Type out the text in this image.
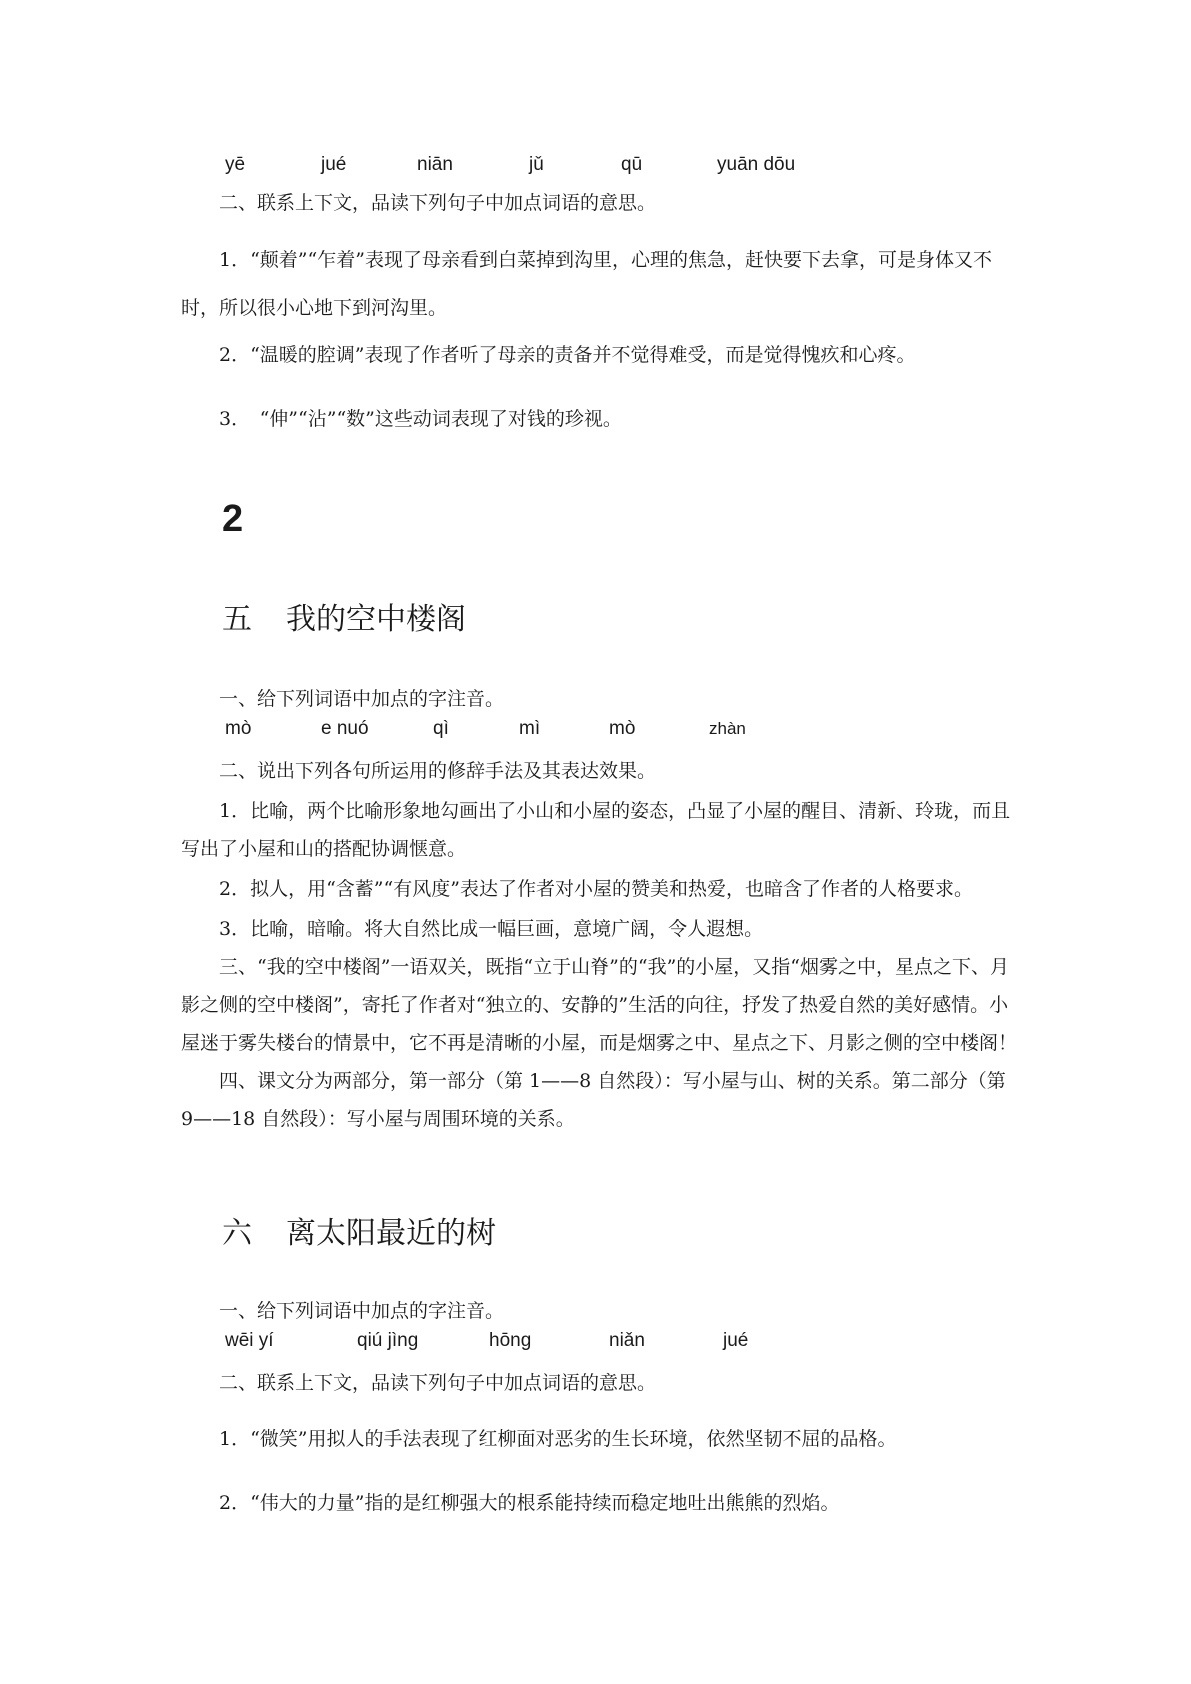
yē	jué	niān	jǔ	qū	yuān dōu

二、联系上下文，品读下列句子中加点词语的意思。

1．“颠着”“乍着”表现了母亲看到白菜掉到沟里，心理的焦急，赶快要下去拿，可是身体又不时，所以很小心地下到河沟里。

2．“温暖的腔调”表现了作者听了母亲的责备并不觉得难受，而是觉得愧疚和心疼。

3．　“伸”“沾”“数”这些动词表现了对钱的珍视。

2
五	我的空中楼阁

一、给下列词语中加点的字注音。

mò	e nuó	qì	mì	mò	zhàn

二、说出下列各句所运用的修辞手法及其表达效果。

1．比喻，两个比喻形象地勾画出了小山和小屋的姿态，凸显了小屋的醒目、清新、玲珑，而且写出了小屋和山的搭配协调惬意。

2．拟人，用“含蓄”“有风度”表达了作者对小屋的赞美和热爱，也暗含了作者的人格要求。

3．比喻，暗喻。将大自然比成一幅巨画，意境广阔，令人遐想。

三、“我的空中楼阁”一语双关，既指“立于山脊”的“我”的小屋，又指“烟雾之中，星点之下、月影之侧的空中楼阁”，寄托了作者对“独立的、安静的”生活的向往，抒发了热爱自然的美好感情。小屋迷于雾失楼台的情景中，它不再是清晰的小屋，而是烟雾之中、星点之下、月影之侧的空中楼阁！

四、课文分为两部分，第一部分（第 1——8 自然段）：写小屋与山、树的关系。第二部分（第 9——18 自然段）：写小屋与周围环境的关系。

六	离太阳最近的树

一、给下列词语中加点的字注音。

wēi yí	qiú jìng	hōng	niǎn	jué

二、联系上下文，品读下列句子中加点词语的意思。

1．“微笑”用拟人的手法表现了红柳面对恶劣的生长环境，依然坚韧不屈的品格。

2．“伟大的力量”指的是红柳强大的根系能持续而稳定地吐出熊熊的烈焰。
